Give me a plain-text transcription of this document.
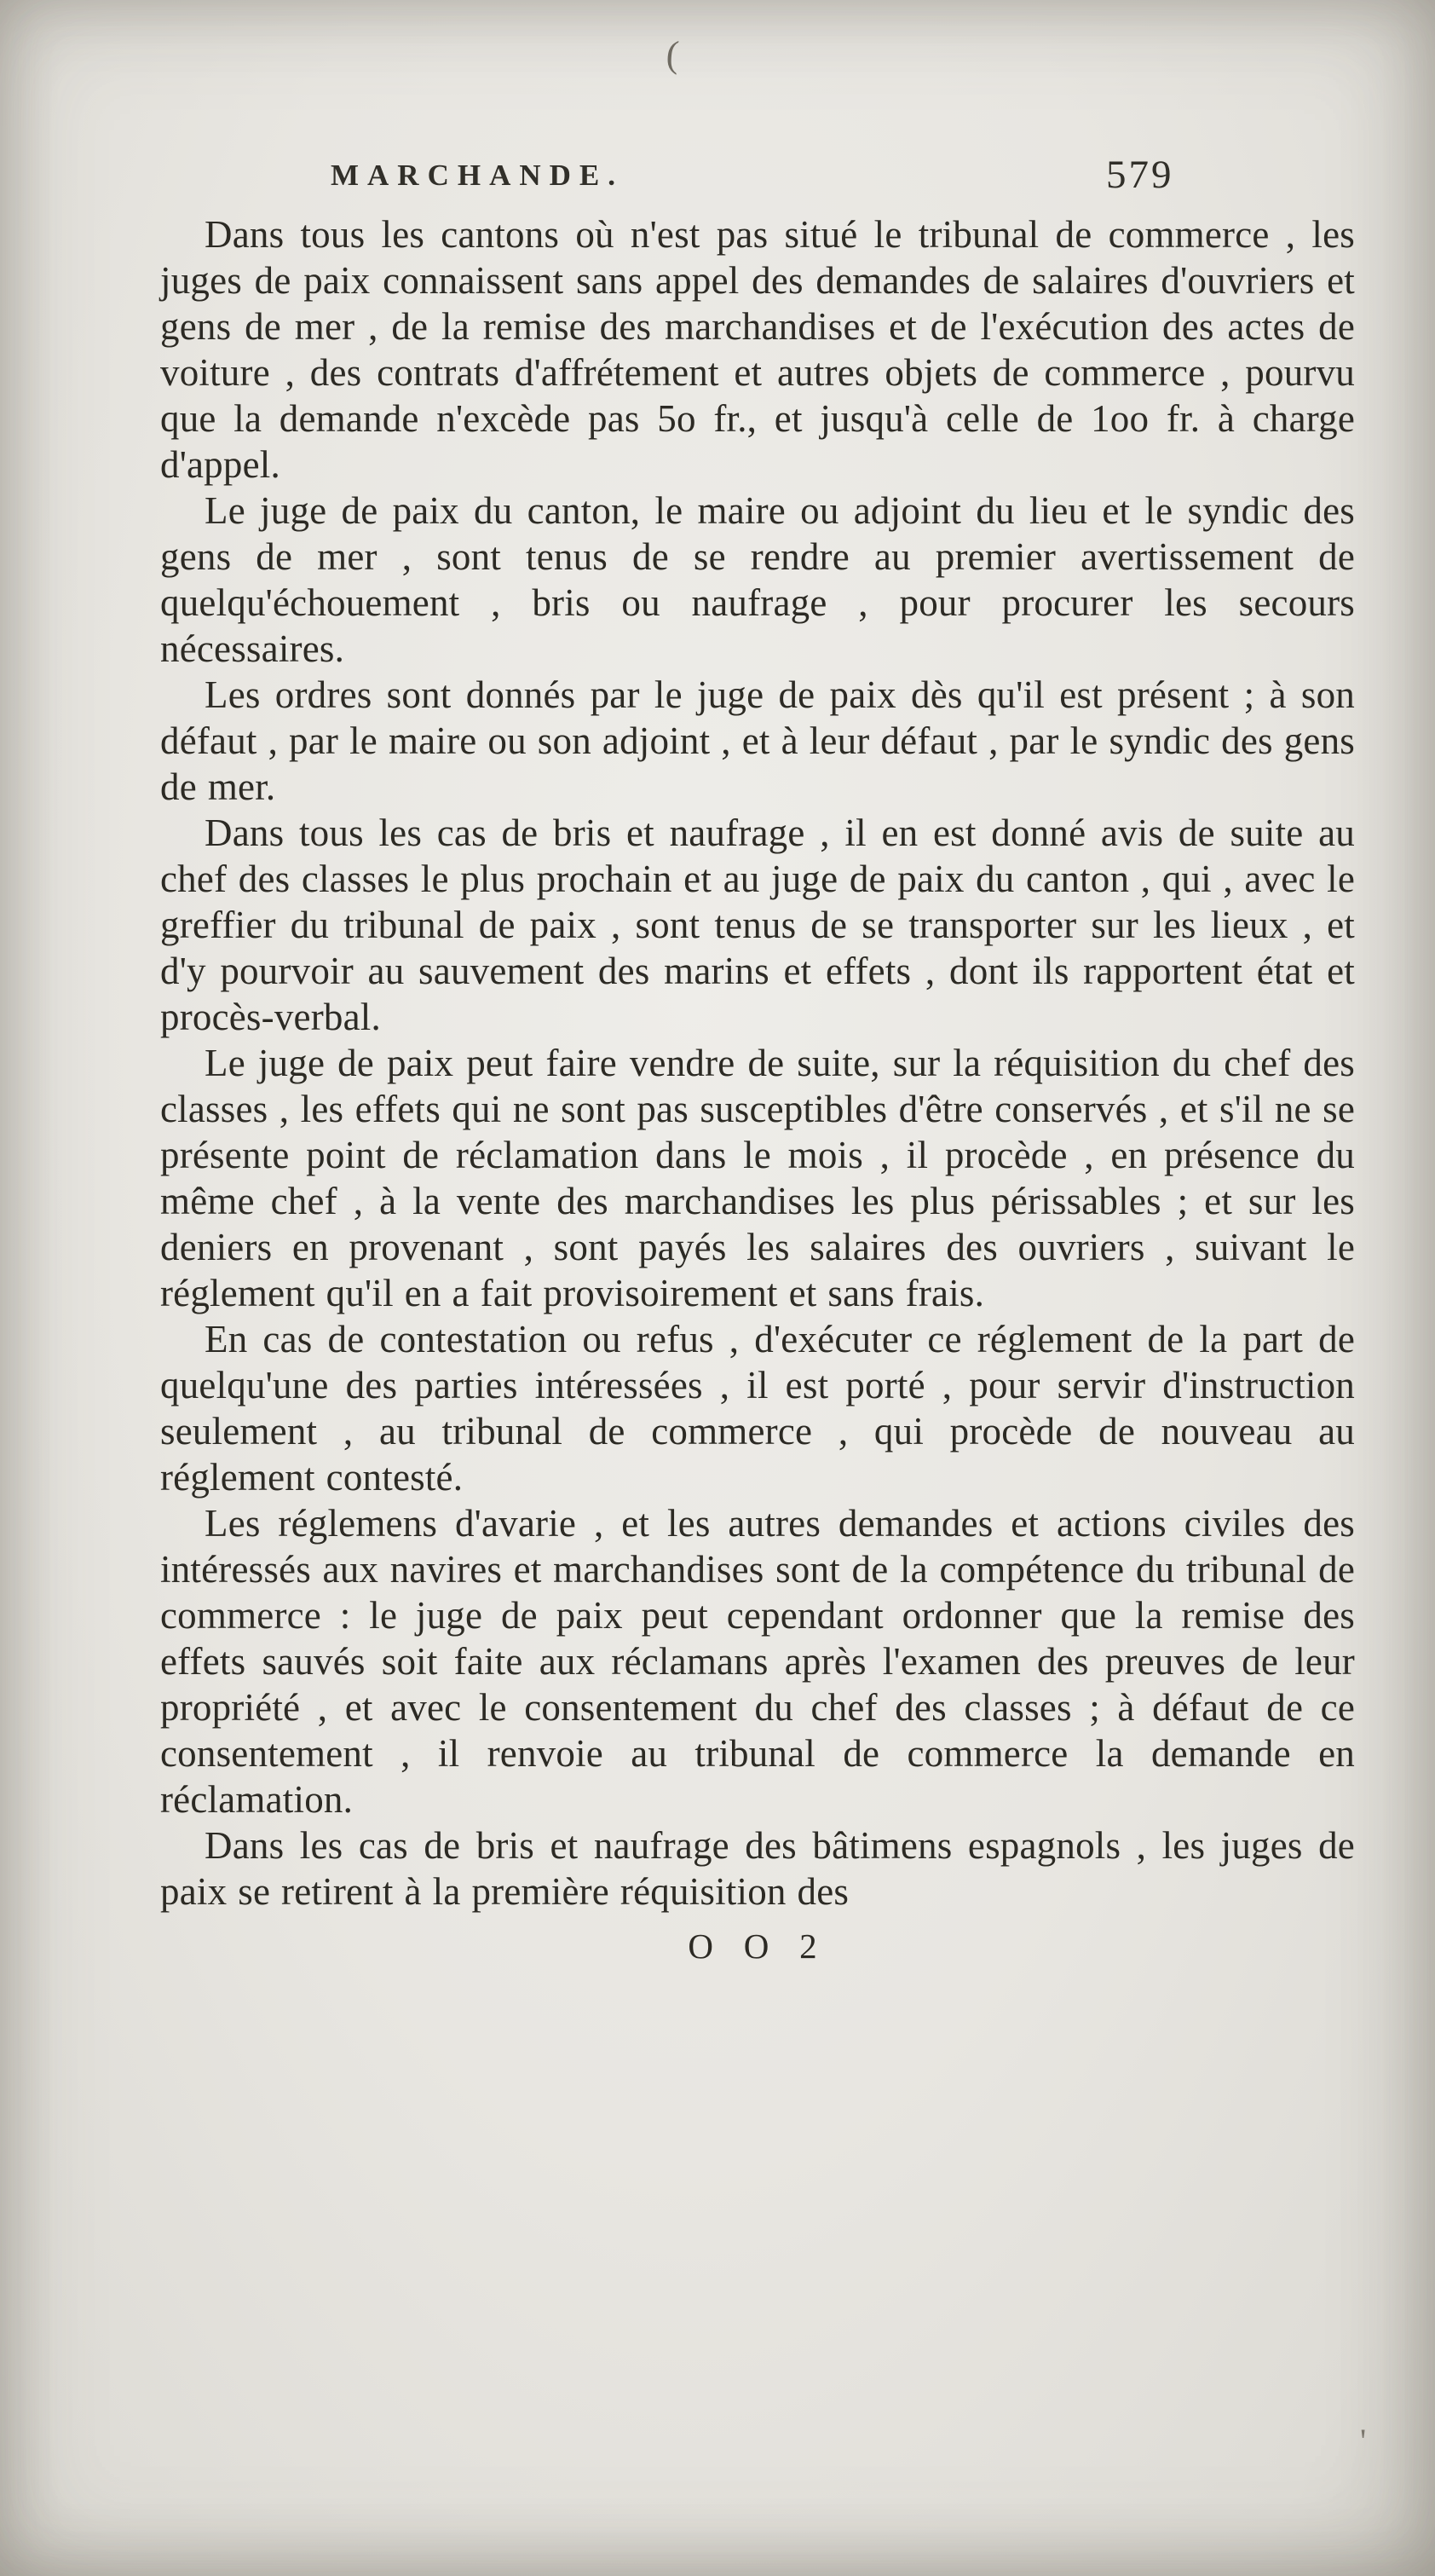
(
MARCHANDE.	579

Dans tous les cantons où n'est pas situé le tribunal de commerce , les juges de paix connaissent sans appel des demandes de salaires d'ouvriers et gens de mer , de la remise des marchandises et de l'exécution des actes de voiture , des contrats d'affrétement et autres objets de commerce , pourvu que la demande n'excède pas 5o fr., et jusqu'à celle de 1oo fr. à charge d'appel.

Le juge de paix du canton, le maire ou adjoint du lieu et le syndic des gens de mer , sont tenus de se rendre au premier avertissement de quelqu'échouement , bris ou naufrage , pour procurer les secours nécessaires.

Les ordres sont donnés par le juge de paix dès qu'il est présent ; à son défaut , par le maire ou son adjoint , et à leur défaut , par le syndic des gens de mer.

Dans tous les cas de bris et naufrage , il en est donné avis de suite au chef des classes le plus prochain et au juge de paix du canton , qui , avec le greffier du tribunal de paix , sont tenus de se transporter sur les lieux , et d'y pourvoir au sauvement des marins et effets , dont ils rapportent état et procès-verbal.

Le juge de paix peut faire vendre de suite, sur la réquisition du chef des classes , les effets qui ne sont pas susceptibles d'être conservés , et s'il ne se présente point de réclamation dans le mois , il procède , en présence du même chef , à la vente des marchandises les plus périssables ; et sur les deniers en provenant , sont payés les salaires des ouvriers , suivant le réglement qu'il en a fait provisoirement et sans frais.

En cas de contestation ou refus , d'exécuter ce réglement de la part de quelqu'une des parties intéressées , il est porté , pour servir d'instruction seulement , au tribunal de commerce , qui procède de nouveau au réglement contesté.

Les réglemens d'avarie , et les autres demandes et actions civiles des intéressés aux navires et marchandises sont de la compétence du tribunal de commerce : le juge de paix peut cependant ordonner que la remise des effets sauvés soit faite aux réclamans après l'examen des preuves de leur propriété , et avec le consentement du chef des classes ; à défaut de ce consentement , il renvoie au tribunal de commerce la demande en réclamation.

Dans les cas de bris et naufrage des bâtimens espagnols , les juges de paix se retirent à la première réquisition des

O O 2
'
